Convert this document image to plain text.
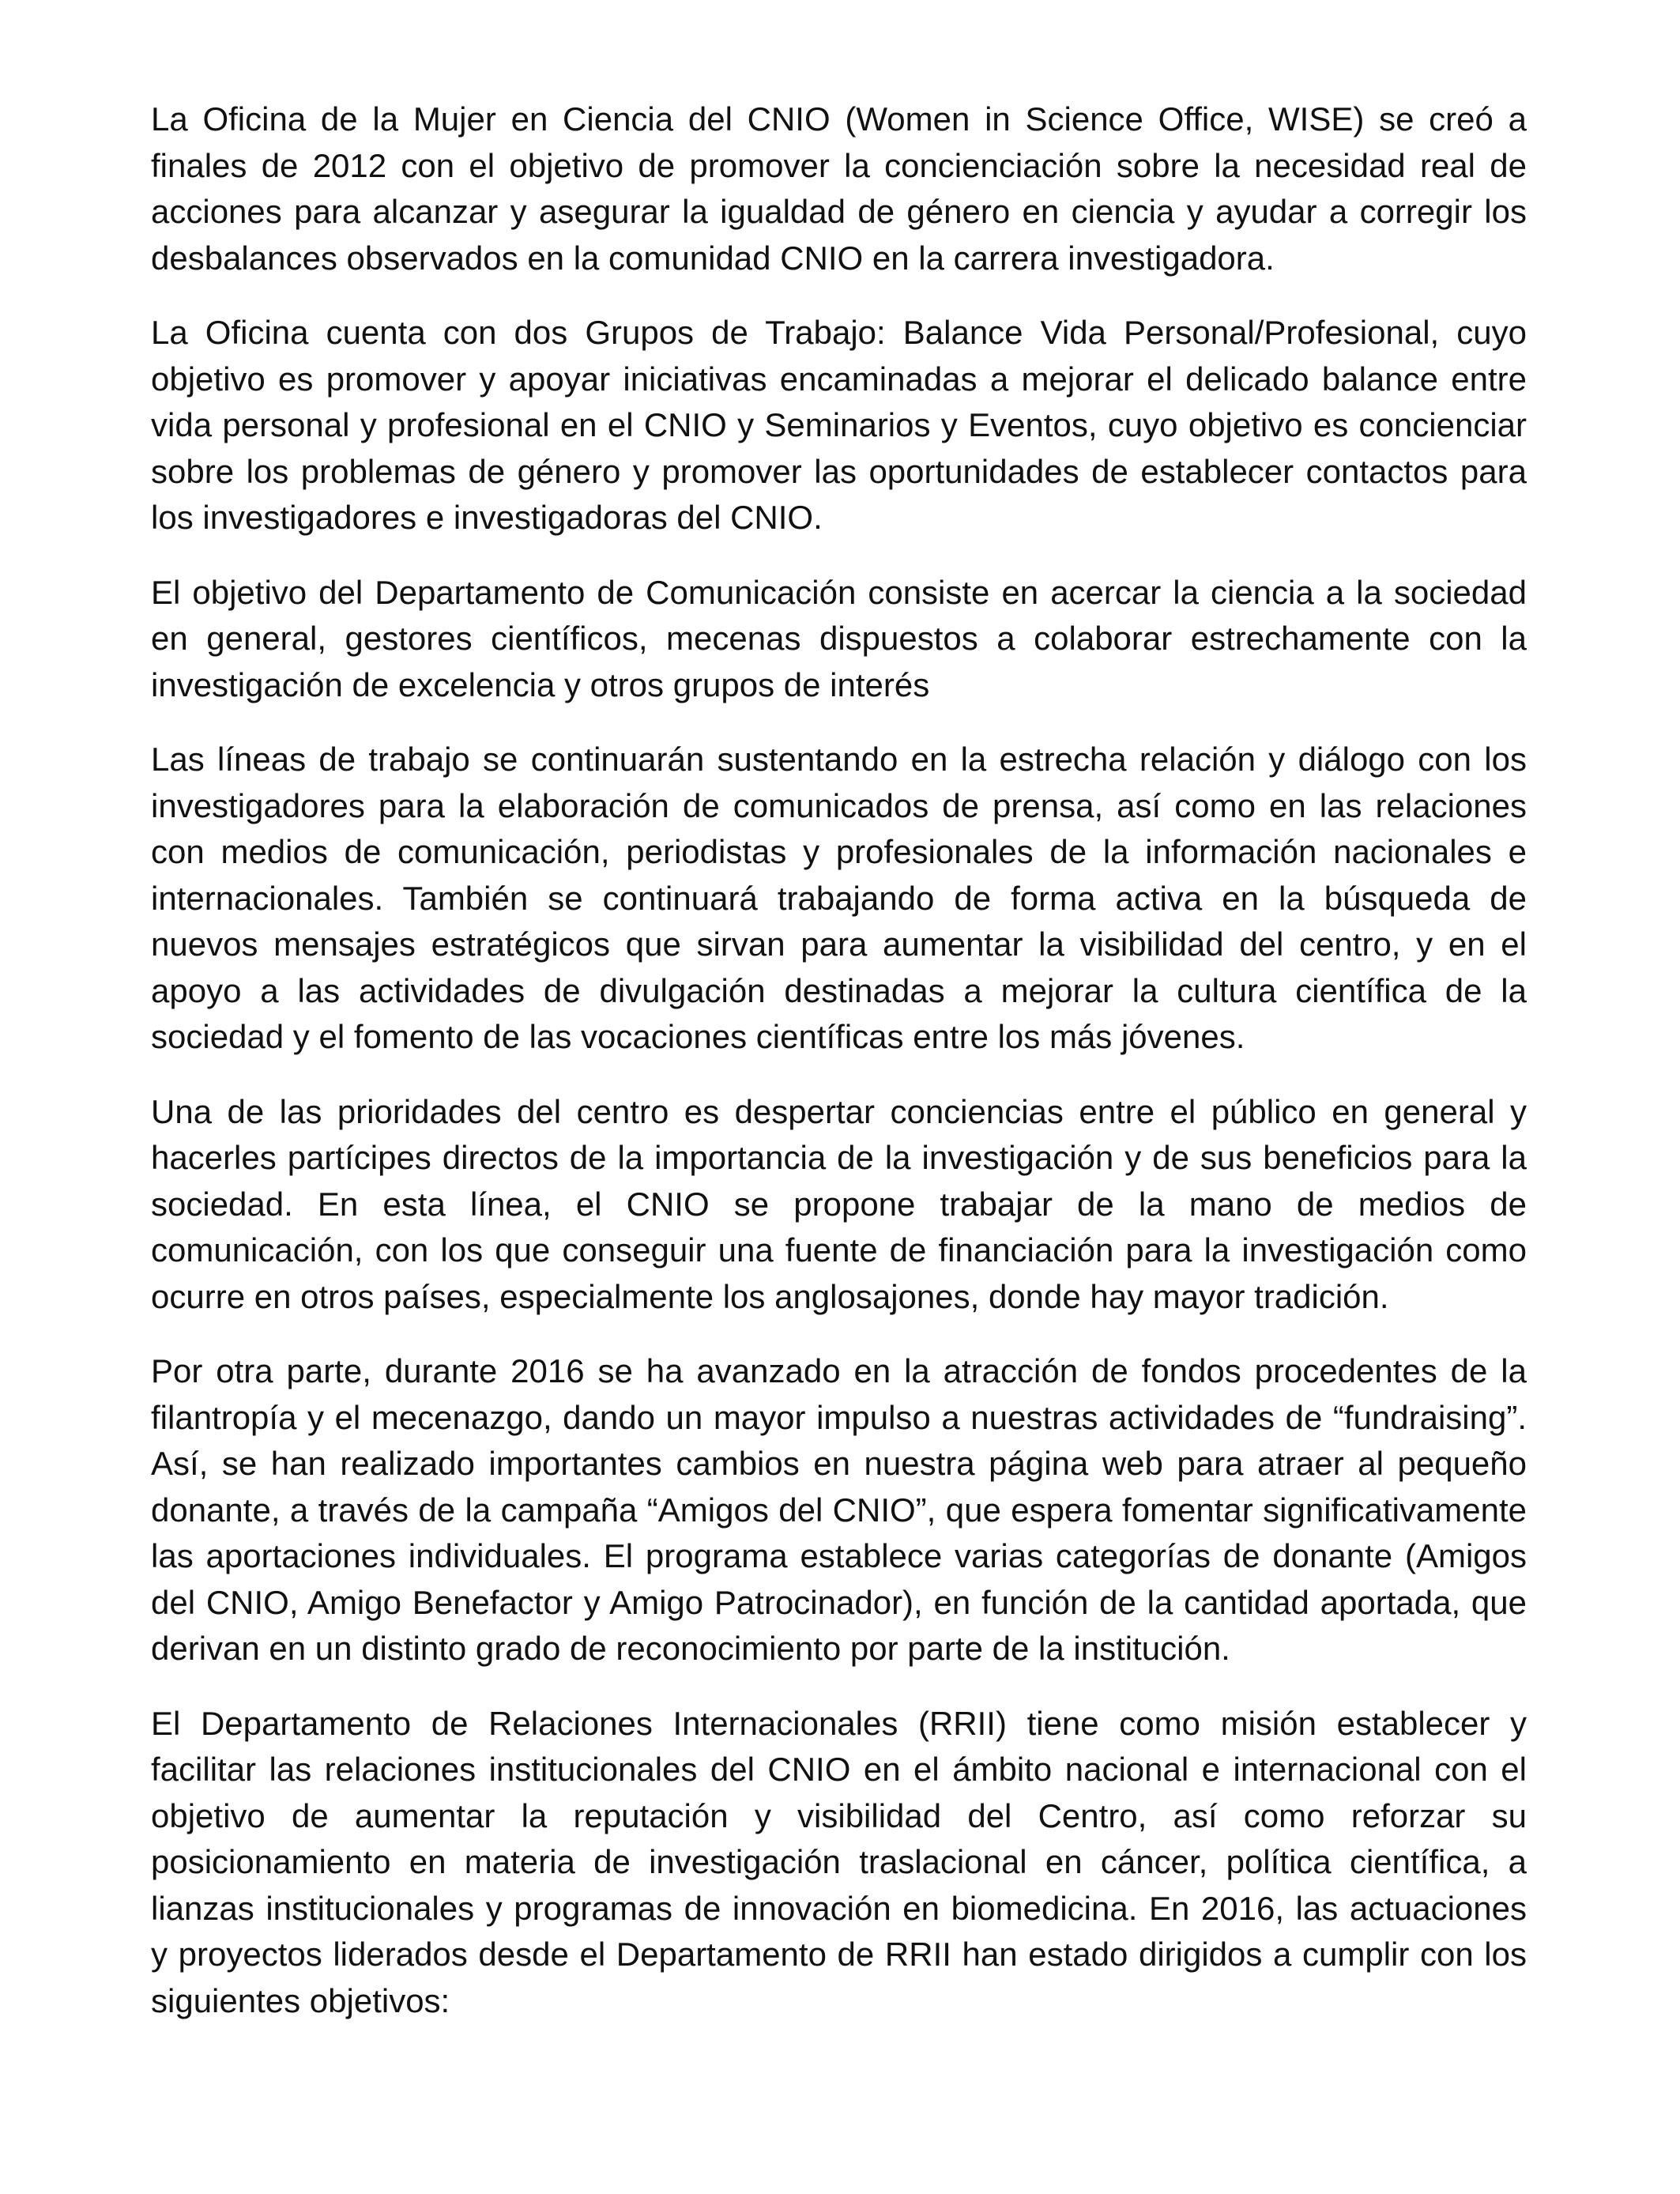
La Oficina de la Mujer en Ciencia del CNIO (Women in Science Office, WISE) se creó a finales de 2012 con el objetivo de promover la concienciación sobre la necesidad real de acciones para alcanzar y asegurar la igualdad de género en ciencia y ayudar a corregir los desbalances observados en la comunidad CNIO en la carrera investigadora.

La Oficina cuenta con dos Grupos de Trabajo: Balance Vida Personal/Profesional, cuyo objetivo es promover y apoyar iniciativas encaminadas a mejorar el delicado balance entre vida personal y profesional en el CNIO y Seminarios y Eventos, cuyo objetivo es concienciar sobre los problemas de género y promover las oportunidades de establecer contactos para los investigadores e investigadoras del CNIO.

El objetivo del Departamento de Comunicación consiste en acercar la ciencia a la sociedad en general, gestores científicos, mecenas dispuestos a colaborar estrechamente con la investigación de excelencia y otros grupos de interés

Las líneas de trabajo se continuarán sustentando en la estrecha relación y diálogo con los investigadores para la elaboración de comunicados de prensa, así como en las relaciones con medios de comunicación, periodistas y profesionales de la información nacionales e internacionales. También se continuará trabajando de forma activa en la búsqueda de nuevos mensajes estratégicos que sirvan para aumentar la visibilidad del centro, y en el apoyo a las actividades de divulgación destinadas a mejorar la cultura científica de la sociedad y el fomento de las vocaciones científicas entre los más jóvenes.

Una de las prioridades del centro es despertar conciencias entre el público en general y hacerles partícipes directos de la importancia de la investigación y de sus beneficios para la sociedad. En esta línea, el CNIO se propone trabajar de la mano de medios de comunicación, con los que conseguir una fuente de financiación para la investigación como ocurre en otros países, especialmente los anglosajones, donde hay mayor tradición.

Por otra parte, durante 2016 se ha avanzado en la atracción de fondos procedentes de la filantropía y el mecenazgo, dando un mayor impulso a nuestras actividades de “fundraising”. Así, se han realizado importantes cambios en nuestra página web para atraer al pequeño donante, a través de la campaña “Amigos del CNIO”, que espera fomentar significativamente las aportaciones individuales. El programa establece varias categorías de donante (Amigos del CNIO, Amigo Benefactor y Amigo Patrocinador), en función de la cantidad aportada, que derivan en un distinto grado de reconocimiento por parte de la institución.

El Departamento de Relaciones Internacionales (RRII) tiene como misión establecer y facilitar las relaciones institucionales del CNIO en el ámbito nacional e internacional con el objetivo de aumentar la reputación y visibilidad del Centro, así como reforzar su posicionamiento en materia de investigación traslacional en cáncer, política científica, a lianzas institucionales y programas de innovación en biomedicina. En 2016, las actuaciones y proyectos liderados desde el Departamento de RRII han estado dirigidos a cumplir con los siguientes objetivos:
